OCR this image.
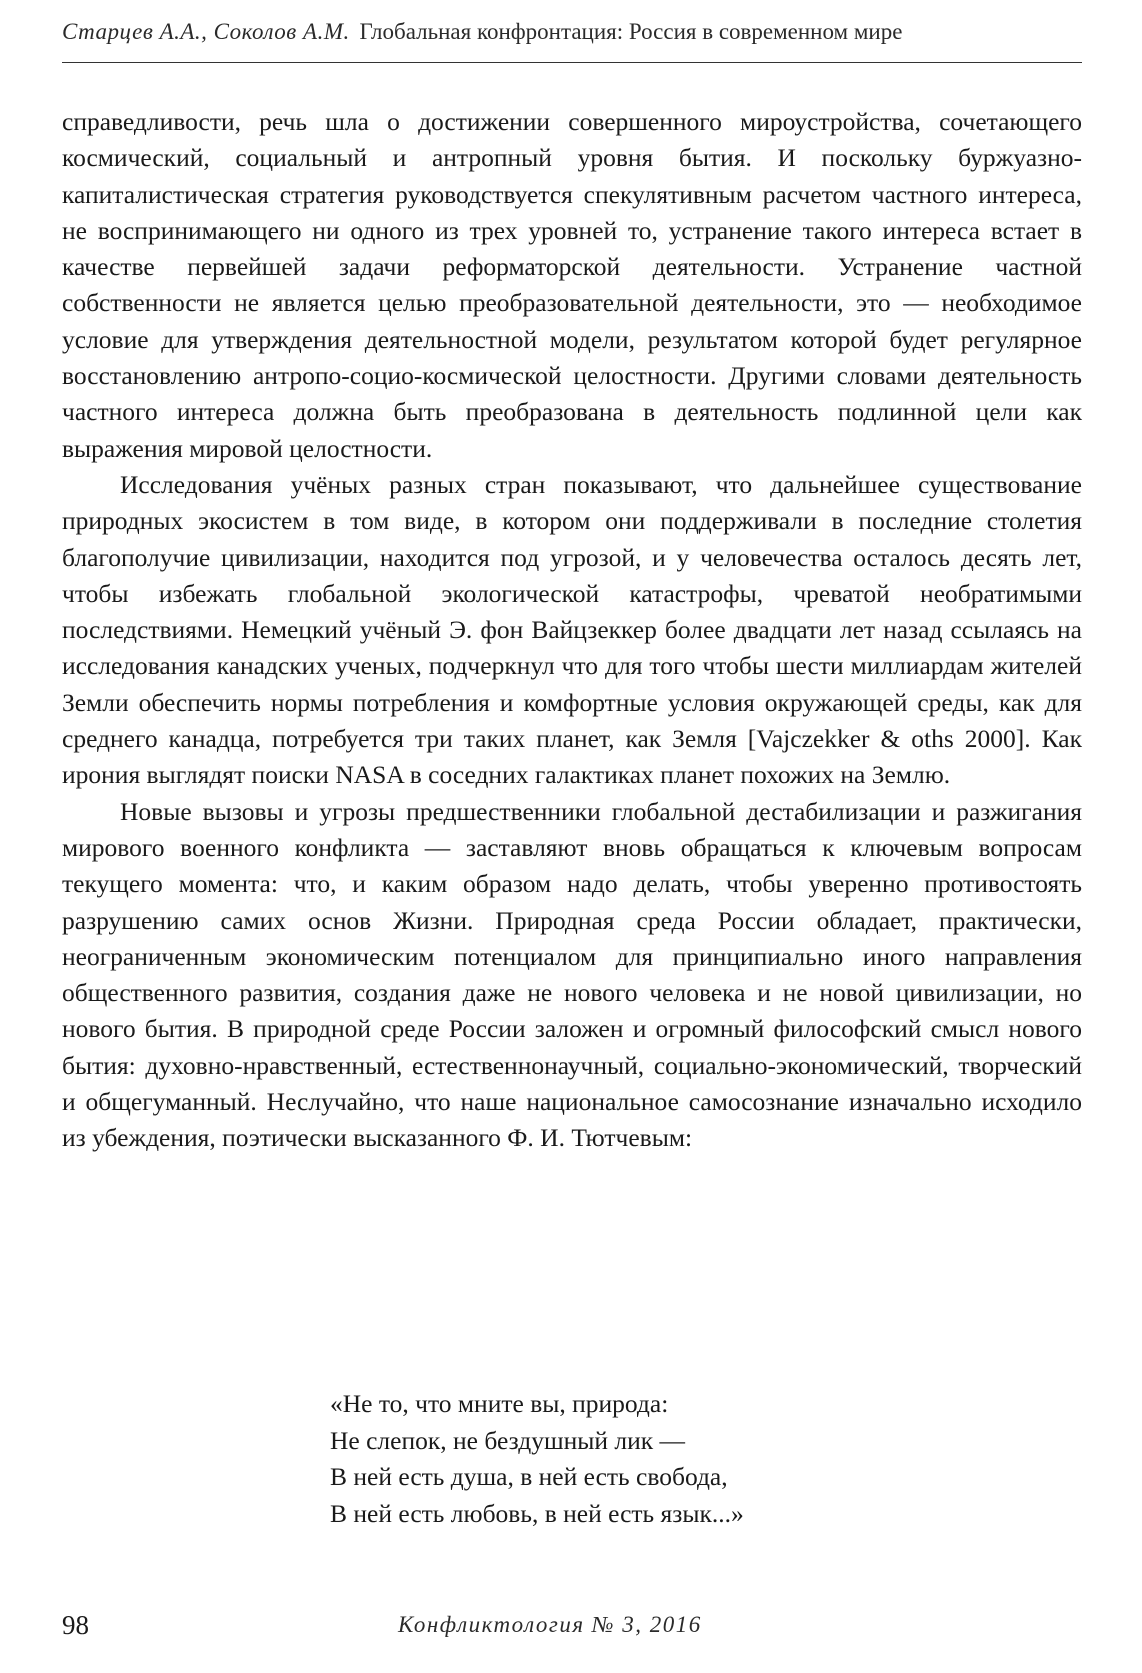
Старцев А.А., Соколов А.М. Глобальная конфронтация: Россия в современном мире

справедливости, речь шла о достижении совершенного мироустройства, сочетающего космический, социальный и антропный уровня бытия. И поскольку буржуазно-капиталистическая стратегия руководствуется спекулятивным расчетом частного интереса, не воспринимающего ни одного из трех уровней то, устранение такого интереса встает в качестве первейшей задачи реформаторской деятельности. Устранение частной собственности не является целью преобразовательной деятельности, это — необходимое условие для утверждения деятельностной модели, результатом которой будет регулярное восстановлению антропо-социо-космической целостности. Другими словами деятельность частного интереса должна быть преобразована в деятельность подлинной цели как выражения мировой целостности.

Исследования учёных разных стран показывают, что дальнейшее существование природных экосистем в том виде, в котором они поддерживали в последние столетия благополучие цивилизации, находится под угрозой, и у человечества осталось десять лет, чтобы избежать глобальной экологической катастрофы, чреватой необратимыми последствиями. Немецкий учёный Э. фон Вайцзеккер более двадцати лет назад ссылаясь на исследования канадских ученых, подчеркнул что для того чтобы шести миллиардам жителей Земли обеспечить нормы потребления и комфортные условия окружающей среды, как для среднего канадца, потребуется три таких планет, как Земля [Vajczekker & oths 2000]. Как ирония выглядят поиски NASA в соседних галактиках планет похожих на Землю.

Новые вызовы и угрозы предшественники глобальной дестабилизации и разжигания мирового военного конфликта — заставляют вновь обращаться к ключевым вопросам текущего момента: что, и каким образом надо делать, чтобы уверенно противостоять разрушению самих основ Жизни. Природная среда России обладает, практически, неограниченным экономическим потенциалом для принципиально иного направления общественного развития, создания даже не нового человека и не новой цивилизации, но нового бытия. В природной среде России заложен и огромный философский смысл нового бытия: духовно-нравственный, естественнонаучный, социально-экономический, творческий и общегуманный. Неслучайно, что наше национальное самосознание изначально исходило из убеждения, поэтически высказанного Ф. И. Тютчевым:

«Не то, что мните вы, природа:
Не слепок, не бездушный лик —
В ней есть душа, в ней есть свобода,
В ней есть любовь, в ней есть язык...»
98	Конфликтология № 3, 2016
